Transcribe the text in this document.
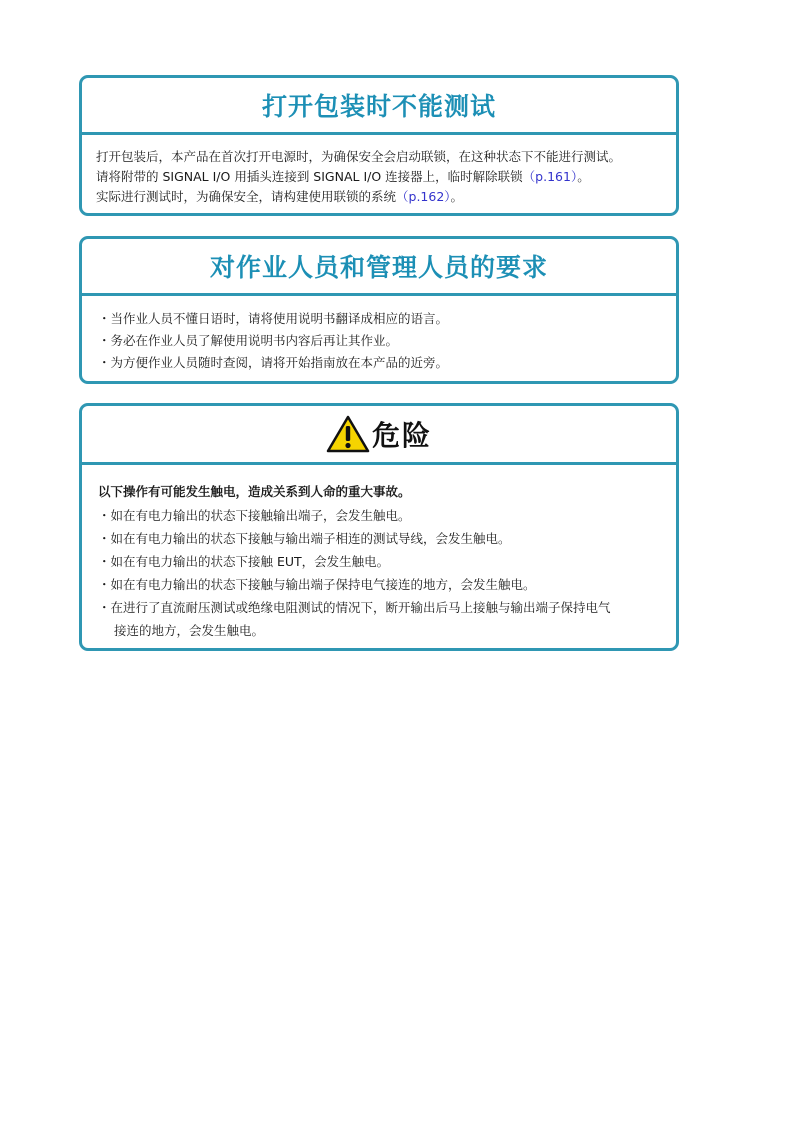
打开包装时不能测试
打开包装后，本产品在首次打开电源时，为确保安全会启动联锁，在这种状态下不能进行测试。
请将附带的 SIGNAL I/O 用插头连接到 SIGNAL I/O 连接器上，临时解除联锁（p.161）。
实际进行测试时，为确保安全，请构建使用联锁的系统（p.162）。
对作业人员和管理人员的要求
・当作业人员不懂日语时，请将使用说明书翻译成相应的语言。
・务必在作业人员了解使用说明书内容后再让其作业。
・为方便作业人员随时查阅，请将开始指南放在本产品的近旁。
危险
以下操作有可能发生触电，造成关系到人命的重大事故。
・如在有电力输出的状态下接触输出端子，会发生触电。
・如在有电力输出的状态下接触与输出端子相连的测试导线，会发生触电。
・如在有电力输出的状态下接触 EUT，会发生触电。
・如在有电力输出的状态下接触与输出端子保持电气接连的地方，会发生触电。
・在进行了直流耐压测试或绝缘电阻测试的情况下，断开输出后马上接触与输出端子保持电气
接连的地方，会发生触电。
